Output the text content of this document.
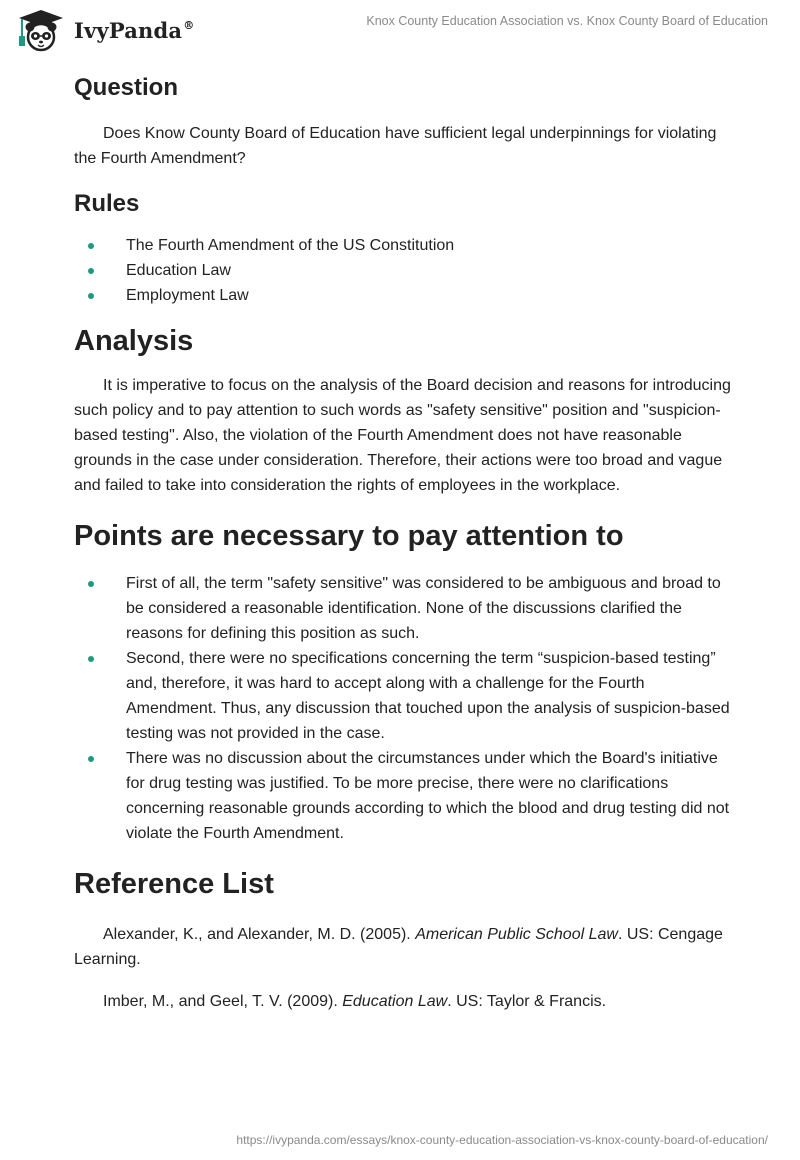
IvyPanda®	Knox County Education Association vs. Knox County Board of Education
Question

Does Know County Board of Education have sufficient legal underpinnings for violating the Fourth Amendment?

Rules
The Fourth Amendment of the US Constitution
Education Law
Employment Law
Analysis

It is imperative to focus on the analysis of the Board decision and reasons for introducing such policy and to pay attention to such words as "safety sensitive" position and "suspicion-based testing". Also, the violation of the Fourth Amendment does not have reasonable grounds in the case under consideration. Therefore, their actions were too broad and vague and failed to take into consideration the rights of employees in the workplace.

Points are necessary to pay attention to
First of all, the term "safety sensitive" was considered to be ambiguous and broad to be considered a reasonable identification. None of the discussions clarified the reasons for defining this position as such.
Second, there were no specifications concerning the term “suspicion-based testing” and, therefore, it was hard to accept along with a challenge for the Fourth Amendment. Thus, any discussion that touched upon the analysis of suspicion-based testing was not provided in the case.
There was no discussion about the circumstances under which the Board's initiative for drug testing was justified. To be more precise, there were no clarifications concerning reasonable grounds according to which the blood and drug testing did not violate the Fourth Amendment.
Reference List

Alexander, K., and Alexander, M. D. (2005). American Public School Law. US: Cengage Learning.

Imber, M., and Geel, T. V. (2009). Education Law. US: Taylor & Francis.

https://ivypanda.com/essays/knox-county-education-association-vs-knox-county-board-of-education/
